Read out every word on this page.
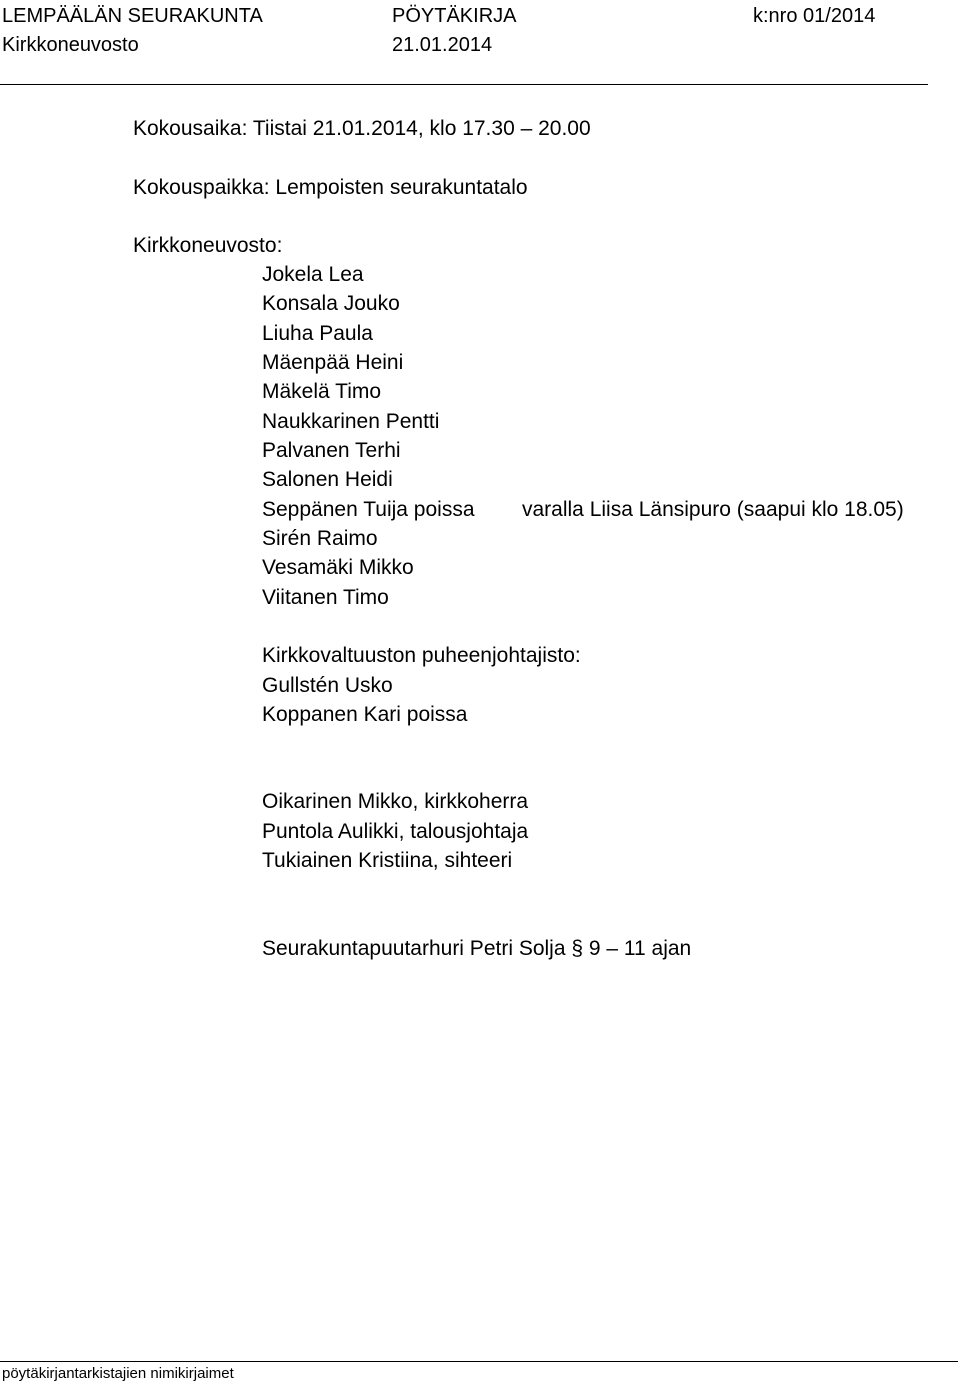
LEMPÄÄLÄN SEURAKUNTA	PÖYTÄKIRJA	k:nro 01/2014
Kirkkoneuvosto	21.01.2014
Kokousaika: Tiistai 21.01.2014, klo 17.30 – 20.00
Kokouspaikka: Lempoisten seurakuntatalo
Kirkkoneuvosto:
Jokela Lea
Konsala Jouko
Liuha Paula
Mäenpää Heini
Mäkelä Timo
Naukkarinen Pentti
Palvanen Terhi
Salonen Heidi
Seppänen Tuija poissa varalla Liisa Länsipuro (saapui klo 18.05)
Sirén Raimo
Vesamäki Mikko
Viitanen Timo
Kirkkovaltuuston puheenjohtajisto:
Gullstén Usko
Koppanen Kari poissa
Oikarinen Mikko, kirkkoherra
Puntola Aulikki, talousjohtaja
Tukiainen Kristiina, sihteeri
Seurakuntapuutarhuri Petri Solja § 9 – 11 ajan
pöytäkirjantarkistajien nimikirjaimet
